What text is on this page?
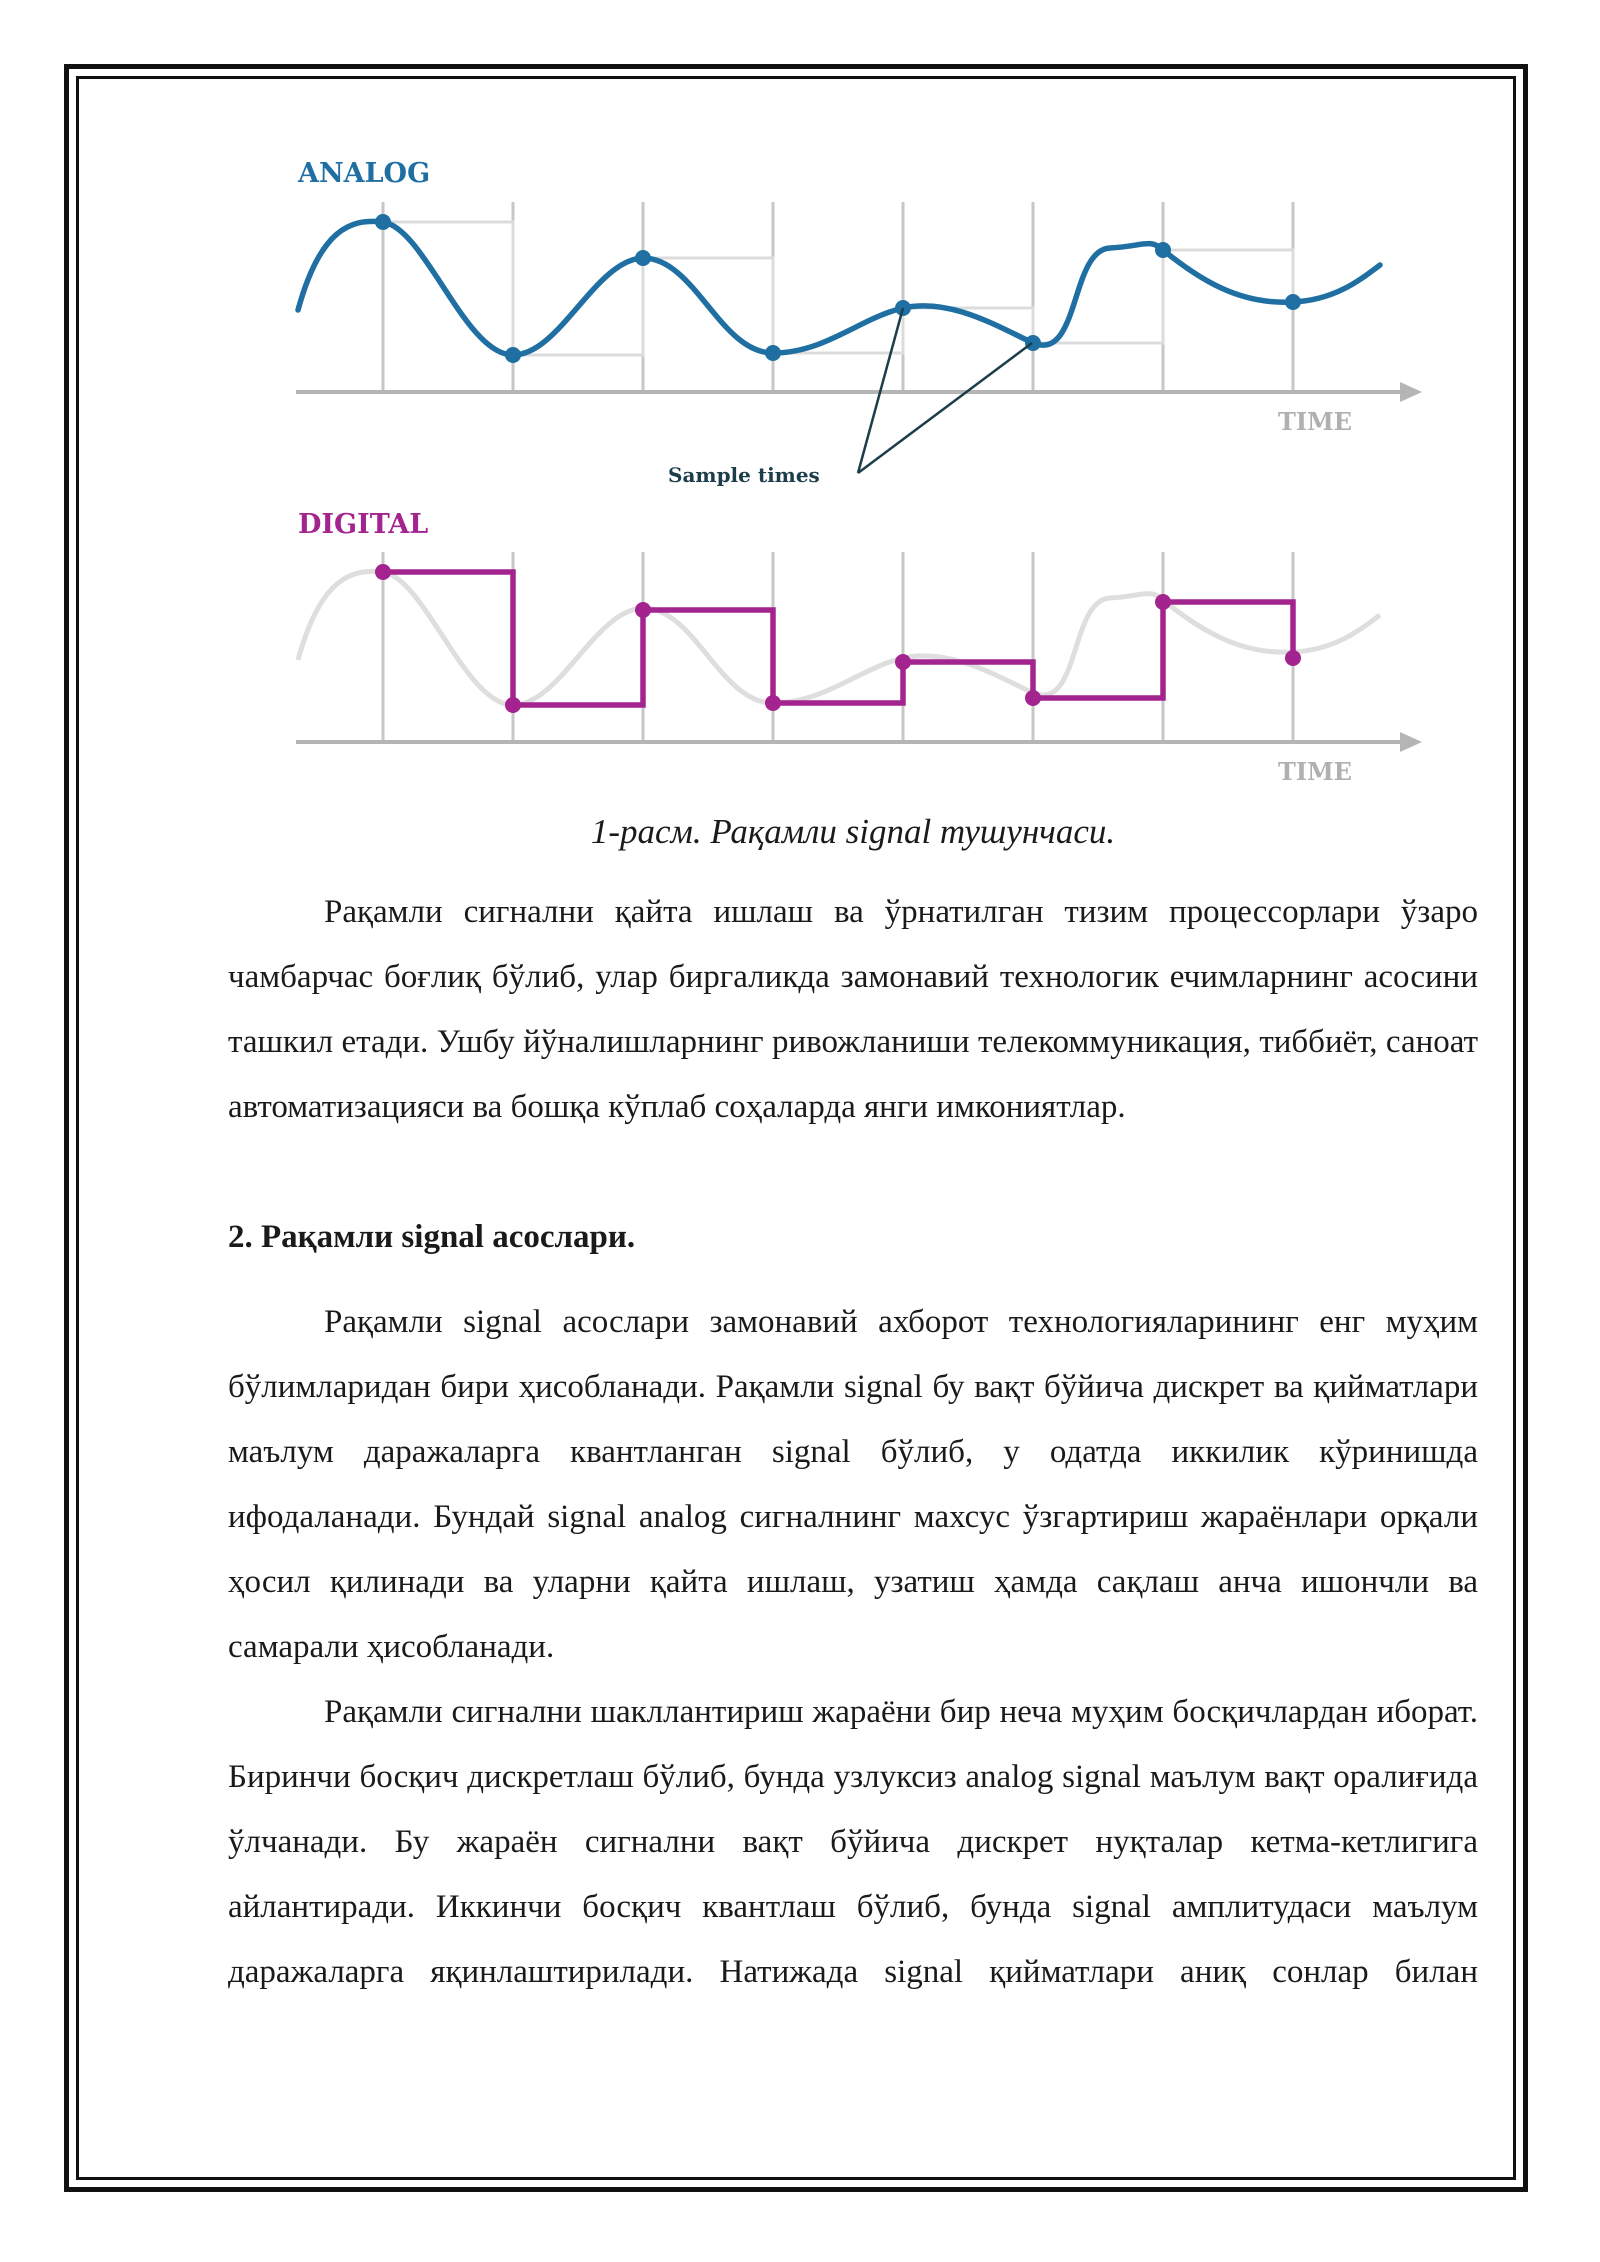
ANALOG
TIME
Sample times
DIGITAL
TIME
1-расм. Рақамли signal тушунчаси.

Рақамли сигнални қайта ишлаш ва ўрнатилган тизим процессорлари ўзаро чамбарчас боғлиқ бўлиб, улар биргаликда замонавий технологик ечимларнинг асосини ташкил етади. Ушбу йўналишларнинг ривожланиши телекоммуникация, тиббиёт, саноат автоматизацияси ва бошқа кўплаб соҳаларда янги имкониятлар.

2. Рақамли signal асослари.

Рақамли signal асослари замонавий ахборот технологияларининг енг муҳим бўлимларидан бири ҳисобланади. Рақамли signal бу вақт бўйича дискрет ва қийматлари маълум даражаларга квантланган signal бўлиб, у одатда иккилик кўринишда ифодаланади. Бундай signal analog сигналнинг махсус ўзгартириш жараёнлари орқали ҳосил қилинади ва уларни қайта ишлаш, узатиш ҳамда сақлаш анча ишончли ва самарали ҳисобланади.

Рақамли сигнални шакллантириш жараёни бир неча муҳим босқичлардан иборат. Биринчи босқич дискретлаш бўлиб, бунда узлуксиз analog signal маълум вақт оралиғида ўлчанади. Бу жараён сигнални вақт бўйича дискрет нуқталар кетма-кетлигига айлантиради. Иккинчи босқич квантлаш бўлиб, бунда signal амплитудаси маълум даражаларга яқинлаштирилади. Натижада signal қийматлари аниқ сонлар билан
